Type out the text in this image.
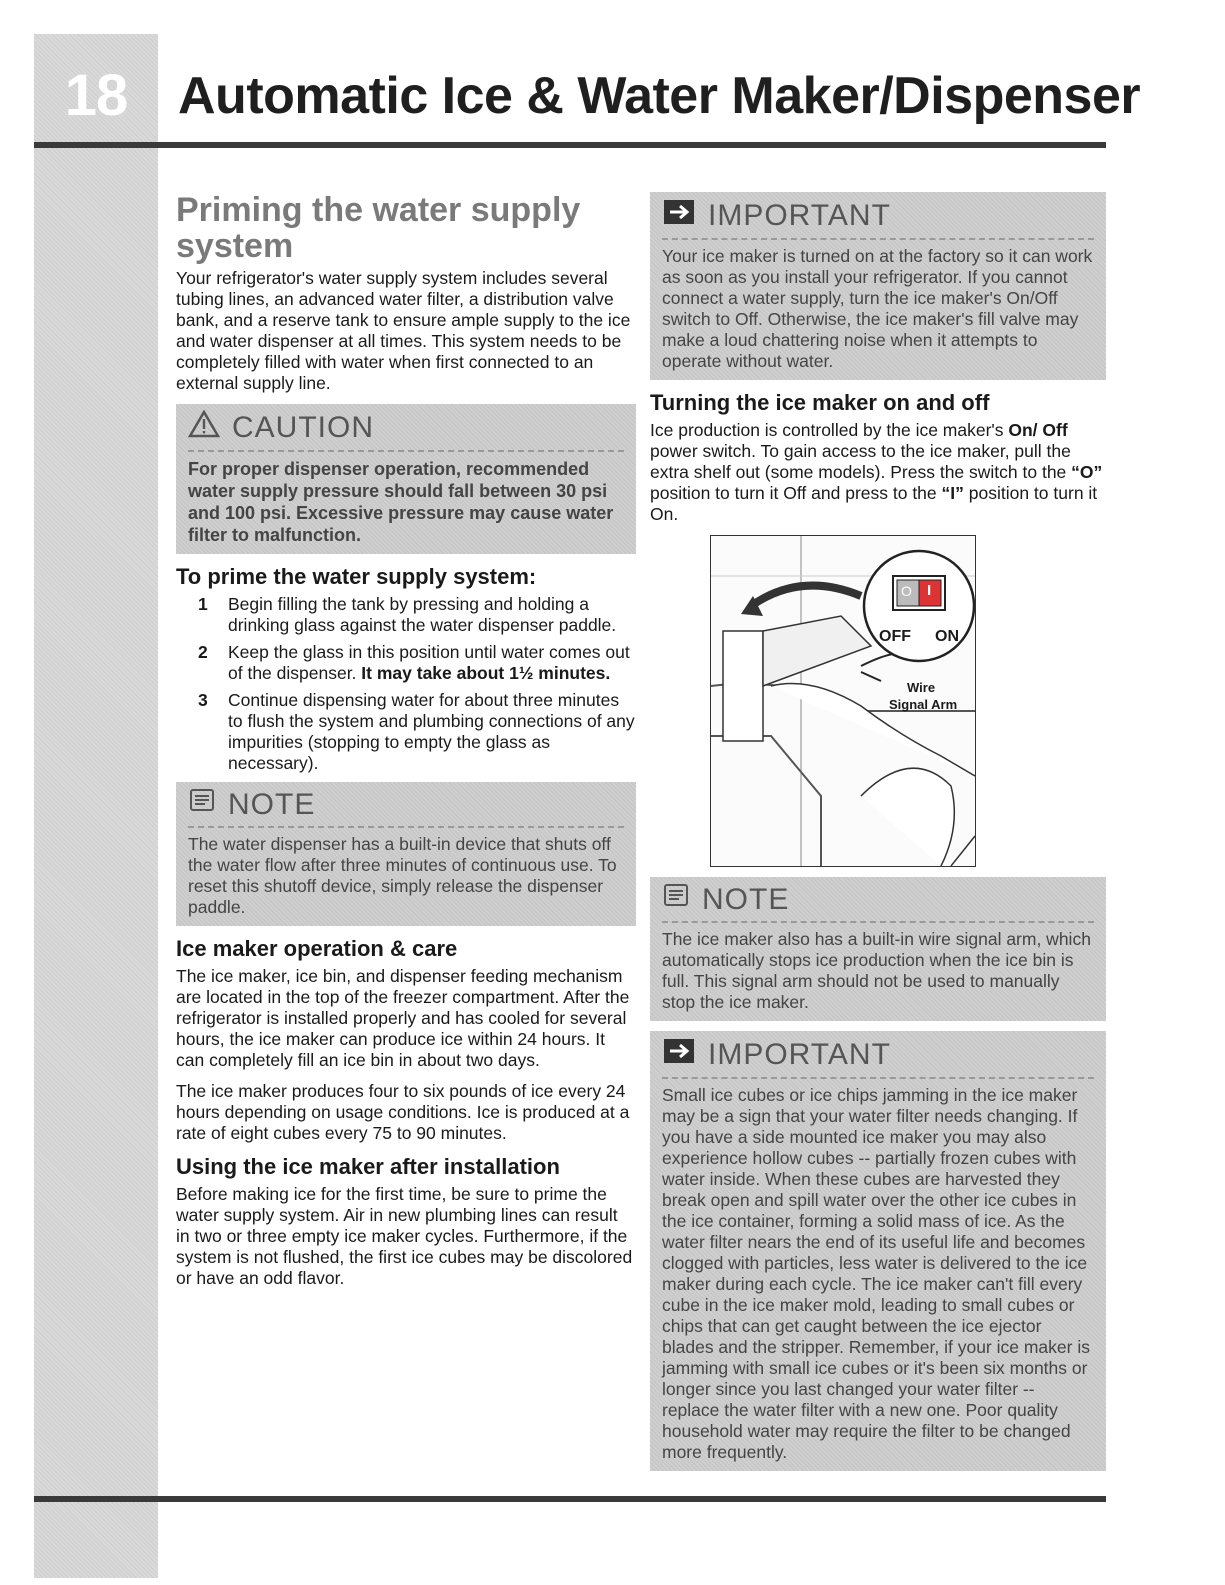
18 Automatic Ice & Water Maker/Dispenser
Priming the water supply system

Your refrigerator's water supply system includes several tubing lines, an advanced water filter, a distribution valve bank, and a reserve tank to ensure ample supply to the ice and water dispenser at all times. This system needs to be completely filled with water when first connected to an external supply line.

CAUTION
For proper dispenser operation, recommended water supply pressure should fall between 30 psi and 100 psi. Excessive pressure may cause water filter to malfunction.
To prime the water supply system:
1	Begin filling the tank by pressing and holding a drinking glass against the water dispenser paddle.
2	Keep the glass in this position until water comes out of the dispenser. It may take about 1½ minutes.
3	Continue dispensing water for about three minutes to flush the system and plumbing connections of any impurities (stopping to empty the glass as necessary).
NOTE
The water dispenser has a built-in device that shuts off the water flow after three minutes of continuous use. To reset this shutoff device, simply release the dispenser paddle.
Ice maker operation & care

The ice maker, ice bin, and dispenser feeding mechanism are located in the top of the freezer compartment. After the refrigerator is installed properly and has cooled for several hours, the ice maker can produce ice within 24 hours. It can completely fill an ice bin in about two days.

The ice maker produces four to six pounds of ice every 24 hours depending on usage conditions. Ice is produced at a rate of eight cubes every 75 to 90 minutes.

Using the ice maker after installation

Before making ice for the first time, be sure to prime the water supply system. Air in new plumbing lines can result in two or three empty ice maker cycles. Furthermore, if the system is not flushed, the first ice cubes may be discolored or have an odd flavor.

IMPORTANT
Your ice maker is turned on at the factory so it can work as soon as you install your refrigerator. If you cannot connect a water supply, turn the ice maker's On/Off switch to Off. Otherwise, the ice maker's fill valve may make a loud chattering noise when it attempts to operate without water.
Turning the ice maker on and off

Ice production is controlled by the ice maker's On/ Off power switch. To gain access to the ice maker, pull the extra shelf out (some models). Press the switch to the “O” position to turn it Off and press to the “I” position to turn it On.

O I
OFF ON
Wire
Signal Arm
NOTE
The ice maker also has a built-in wire signal arm, which automatically stops ice production when the ice bin is full. This signal arm should not be used to manually stop the ice maker.
IMPORTANT
Small ice cubes or ice chips jamming in the ice maker may be a sign that your water filter needs changing. If you have a side mounted ice maker you may also experience hollow cubes -- partially frozen cubes with water inside. When these cubes are harvested they break open and spill water over the other ice cubes in the ice container, forming a solid mass of ice. As the water filter nears the end of its useful life and becomes clogged with particles, less water is delivered to the ice maker during each cycle. The ice maker can't fill every cube in the ice maker mold, leading to small cubes or chips that can get caught between the ice ejector blades and the stripper. Remember, if your ice maker is jamming with small ice cubes or it's been six months or longer since you last changed your water filter -- replace the water filter with a new one. Poor quality household water may require the filter to be changed more frequently.
